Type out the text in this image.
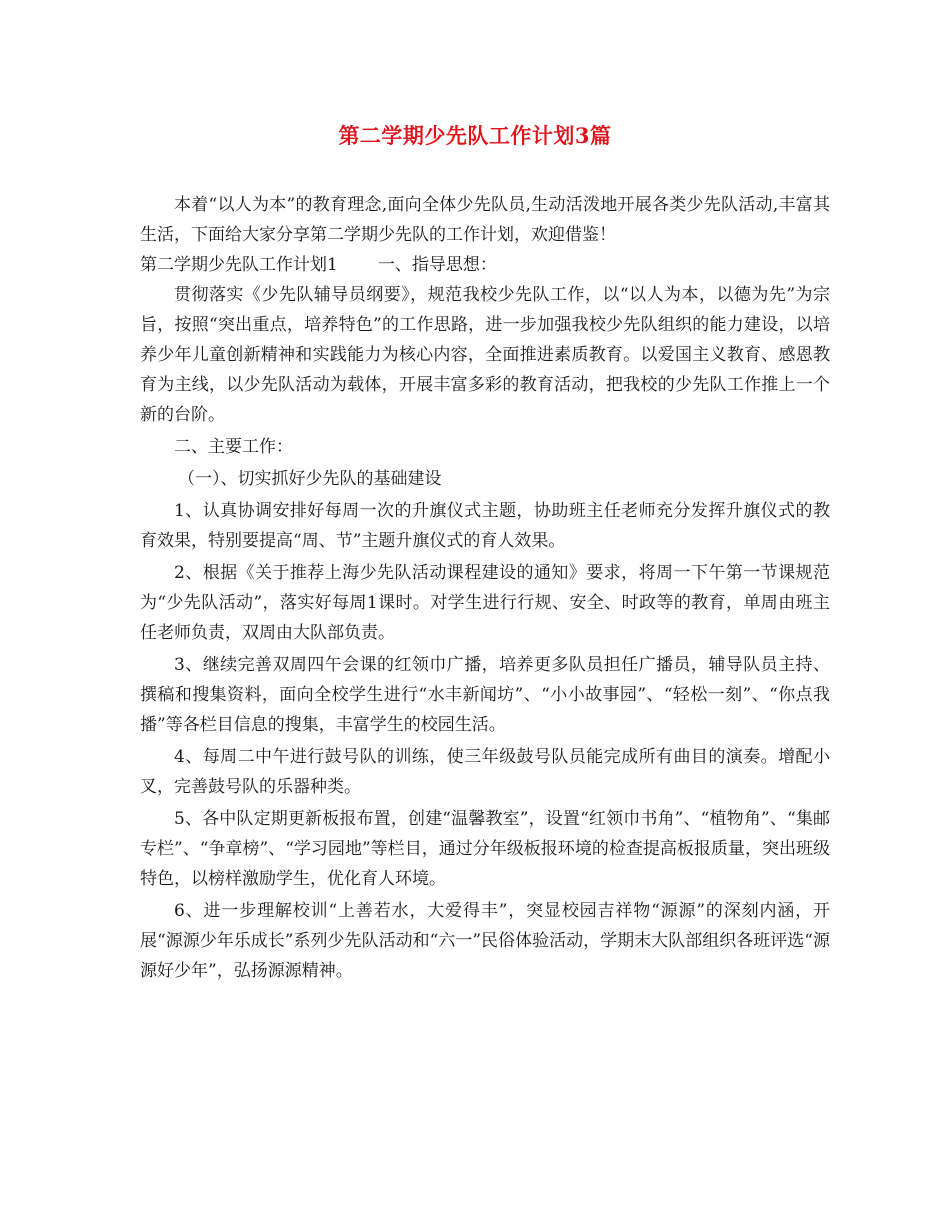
第二学期少先队工作计划3篇

本着“以人为本”的教育理念,面向全体少先队员,生动活泼地开展各类少先队活动,丰富其生活，下面给大家分享第二学期少先队的工作计划，欢迎借鉴！

第二学期少先队工作计划1 一、指导思想：

贯彻落实《少先队辅导员纲要》，规范我校少先队工作，以“以人为本，以德为先”为宗旨，按照“突出重点，培养特色”的工作思路，进一步加强我校少先队组织的能力建设，以培养少年儿童创新精神和实践能力为核心内容，全面推进素质教育。以爱国主义教育、感恩教育为主线，以少先队活动为载体，开展丰富多彩的教育活动，把我校的少先队工作推上一个新的台阶。

二、主要工作：

（一）、切实抓好少先队的基础建设

1、认真协调安排好每周一次的升旗仪式主题，协助班主任老师充分发挥升旗仪式的教育效果，特别要提高“周、节”主题升旗仪式的育人效果。

2、根据《关于推荐上海少先队活动课程建设的通知》要求，将周一下午第一节课规范为“少先队活动”，落实好每周1课时。对学生进行行规、安全、时政等的教育，单周由班主任老师负责，双周由大队部负责。

3、继续完善双周四午会课的红领巾广播，培养更多队员担任广播员，辅导队员主持、撰稿和搜集资料，面向全校学生进行“水丰新闻坊”、“小小故事园”、“轻松一刻”、“你点我播”等各栏目信息的搜集，丰富学生的校园生活。

4、每周二中午进行鼓号队的训练，使三年级鼓号队员能完成所有曲目的演奏。增配小叉，完善鼓号队的乐器种类。

5、各中队定期更新板报布置，创建“温馨教室”，设置“红领巾书角”、“植物角”、“集邮专栏”、“争章榜”、“学习园地”等栏目，通过分年级板报环境的检查提高板报质量，突出班级特色，以榜样激励学生，优化育人环境。

6、进一步理解校训“上善若水，大爱得丰”，突显校园吉祥物“源源”的深刻内涵，开展“源源少年乐成长”系列少先队活动和“六一”民俗体验活动，学期末大队部组织各班评选“源源好少年”，弘扬源源精神。
